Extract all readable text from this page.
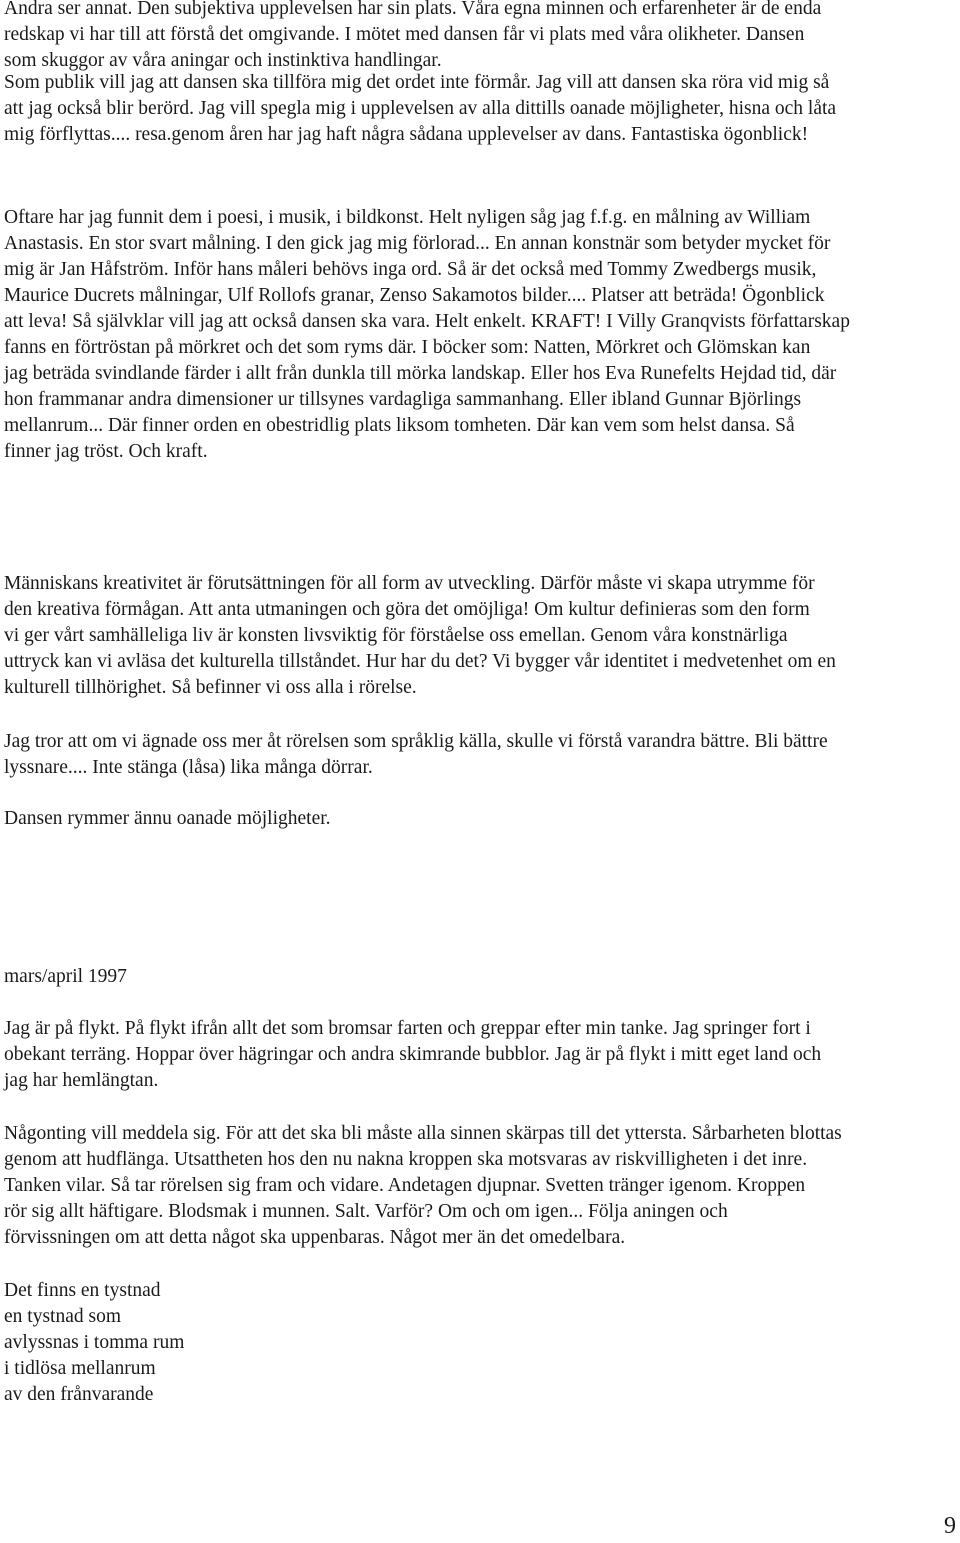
Andra ser annat. Den subjektiva upplevelsen har sin plats. Våra egna minnen och erfarenheter är de enda
redskap vi har till att förstå det omgivande. I mötet med dansen får vi plats med våra olikheter. Dansen
som skuggor av våra aningar och instinktiva handlingar.
Som publik vill jag att dansen ska tillföra mig det ordet inte förmår. Jag vill att dansen ska röra vid mig så
att jag också blir berörd. Jag vill spegla mig i upplevelsen av alla dittills oanade möjligheter, hisna och låta
mig förflyttas.... resa.genom åren har jag haft några sådana upplevelser av dans. Fantastiska ögonblick!
Oftare har jag funnit dem i poesi, i musik, i bildkonst. Helt nyligen såg jag f.f.g. en målning av William
Anastasis. En stor svart målning. I den gick jag mig förlorad... En annan konstnär som betyder mycket för
mig är Jan Håfström. Inför hans måleri behövs inga ord. Så är det också med Tommy Zwedbergs musik,
Maurice Ducrets målningar, Ulf Rollofs granar, Zenso Sakamotos bilder.... Platser att beträda! Ögonblick
att leva! Så självklar vill jag att också dansen ska vara. Helt enkelt. KRAFT! I Villy Granqvists författarskap
fanns en förtröstan på mörkret och det som ryms där. I böcker som: Natten, Mörkret och Glömskan kan
jag beträda svindlande färder i allt från dunkla till mörka landskap. Eller hos Eva Runefelts Hejdad tid, där
hon frammanar andra dimensioner ur tillsynes vardagliga sammanhang. Eller ibland Gunnar Björlings
mellanrum... Där finner orden en obestridlig plats liksom tomheten. Där kan vem som helst dansa. Så
finner jag tröst. Och kraft.
Människans kreativitet är förutsättningen för all form av utveckling. Därför måste vi skapa utrymme för
den kreativa förmågan. Att anta utmaningen och göra det omöjliga! Om kultur definieras som den form
vi ger vårt samhälleliga liv är konsten livsviktig för förståelse oss emellan. Genom våra konstnärliga
uttryck kan vi avläsa det kulturella tillståndet. Hur har du det? Vi bygger vår identitet i medvetenhet om en
kulturell tillhörighet. Så befinner vi oss alla i rörelse.
Jag tror att om vi ägnade oss mer åt rörelsen som språklig källa, skulle vi förstå varandra bättre. Bli bättre
lyssnare.... Inte stänga (låsa) lika många dörrar.
Dansen rymmer ännu oanade möjligheter.
mars/april 1997
Jag är på flykt. På flykt ifrån allt det som bromsar farten och greppar efter min tanke. Jag springer fort i
obekant terräng. Hoppar över hägringar och andra skimrande bubblor. Jag är på flykt i mitt eget land och
jag har hemlängtan.
Någonting vill meddela sig. För att det ska bli måste alla sinnen skärpas till det yttersta. Sårbarheten blottas
genom att hudflänga. Utsattheten hos den nu nakna kroppen ska motsvaras av riskvilligheten i det inre.
Tanken vilar. Så tar rörelsen sig fram och vidare. Andetagen djupnar. Svetten tränger igenom. Kroppen
rör sig allt häftigare. Blodsmak i munnen. Salt. Varför? Om och om igen... Följa aningen och
förvissningen om att detta något ska uppenbaras. Något mer än det omedelbara.
Det finns en tystnad
en tystnad som
avlyssnas i tomma rum
i tidlösa mellanrum
av den frånvarande
9
